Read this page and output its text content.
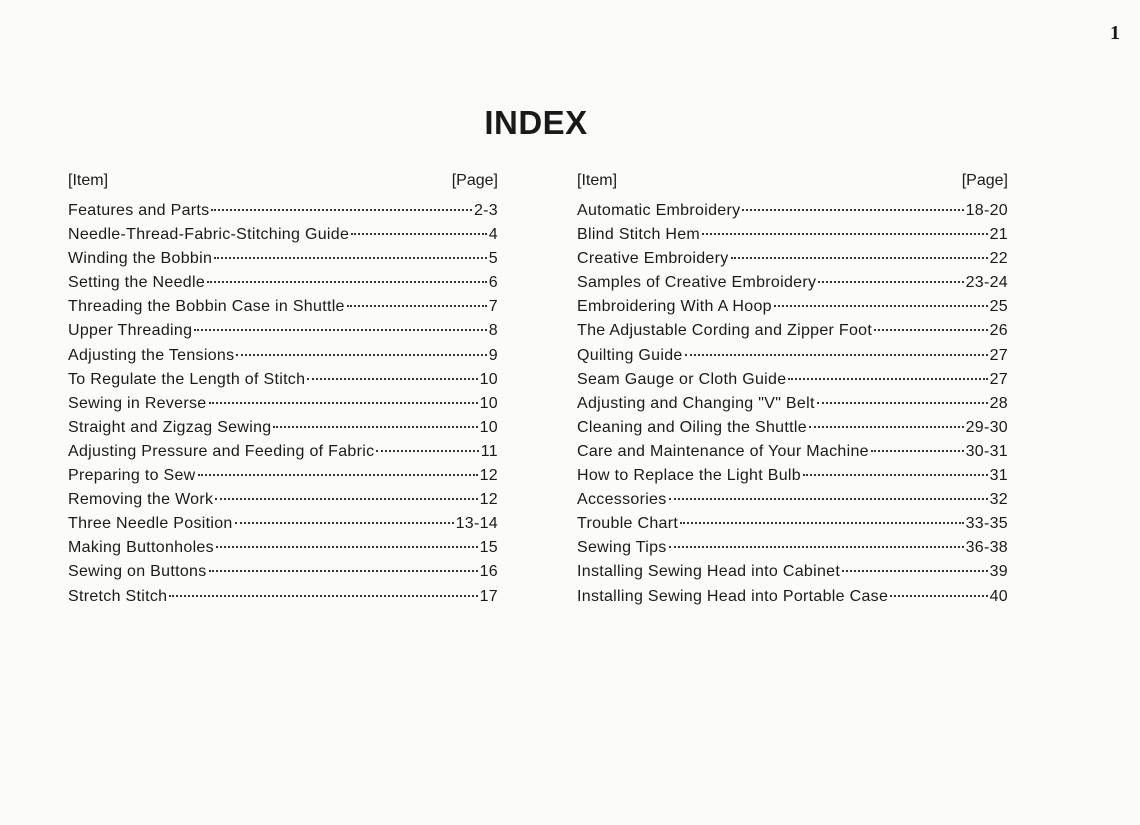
1
INDEX
[ Item ]	[ Page ]
Features and Parts	2-3
Needle-Thread-Fabric-Stitching Guide	4
Winding the Bobbin	5
Setting the Needle	6
Threading the Bobbin Case in Shuttle	7
Upper Threading	8
Adjusting the Tensions	9
To Regulate the Length of Stitch	10
Sewing in Reverse	10
Straight and Zigzag Sewing	10
Adjusting Pressure and Feeding of Fabric	11
Preparing to Sew	12
Removing the Work	12
Three Needle Position	13-14
Making Buttonholes	15
Sewing on Buttons	16
Stretch Stitch	17
[ Item ]	[ Page ]
Automatic Embroidery	18-20
Blind Stitch Hem	21
Creative Embroidery	22
Samples of Creative Embroidery	23-24
Embroidering With A Hoop	25
The Adjustable Cording and Zipper Foot	26
Quilting Guide	27
Seam Gauge or Cloth Guide	27
Adjusting and Changing "V" Belt	28
Cleaning and Oiling the Shuttle	29-30
Care and Maintenance of Your Machine	30-31
How to Replace the Light Bulb	31
Accessories	32
Trouble Chart	33-35
Sewing Tips	36-38
Installing Sewing Head into Cabinet	39
Installing Sewing Head into Portable Case	40
